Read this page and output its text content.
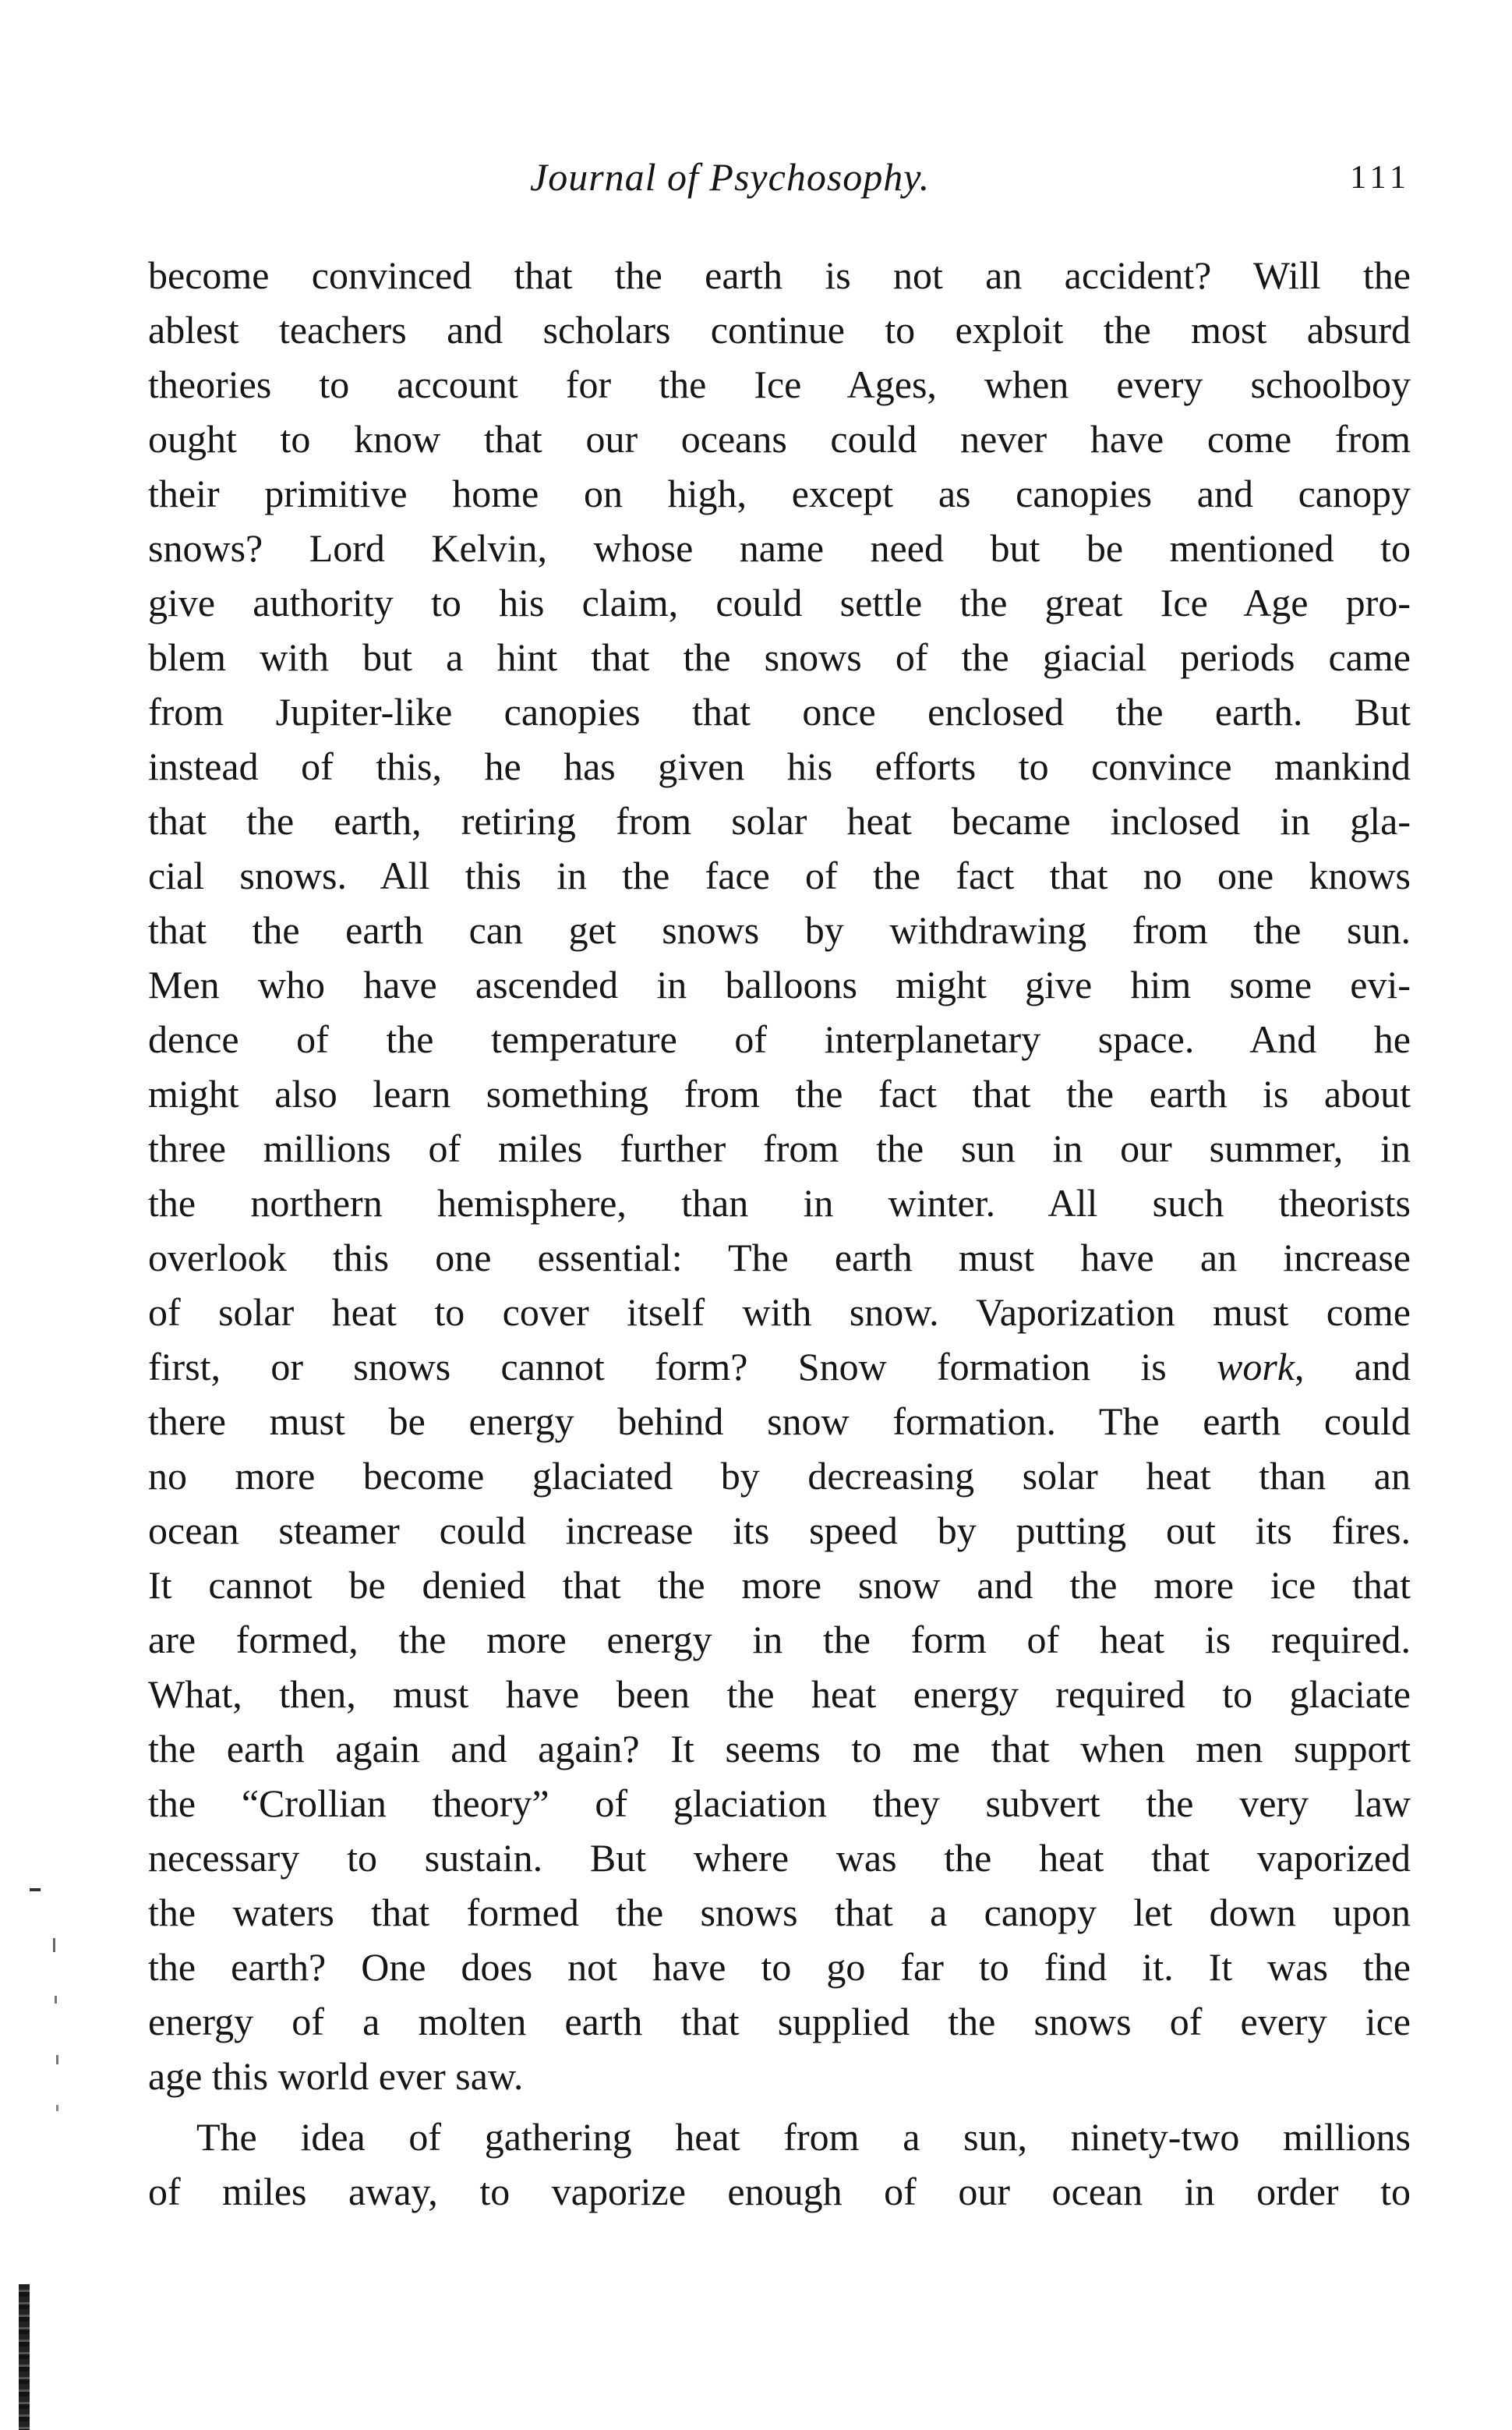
Journal of Psychosophy.	111
become convinced that the earth is not an accident? Will the
ablest teachers and scholars continue to exploit the most absurd
theories to account for the Ice Ages, when every schoolboy
ought to know that our oceans could never have come from
their primitive home on high, except as canopies and canopy
snows? Lord Kelvin, whose name need but be mentioned to
give authority to his claim, could settle the great Ice Age pro-
blem with but a hint that the snows of the giacial periods came
from Jupiter-like canopies that once enclosed the earth. But
instead of this, he has given his efforts to convince mankind
that the earth, retiring from solar heat became inclosed in gla-
cial snows. All this in the face of the fact that no one knows
that the earth can get snows by withdrawing from the sun.
Men who have ascended in balloons might give him some evi-
dence of the temperature of interplanetary space. And he
might also learn something from the fact that the earth is about
three millions of miles further from the sun in our summer, in
the northern hemisphere, than in winter. All such theorists
overlook this one essential: The earth must have an increase
of solar heat to cover itself with snow. Vaporization must come
first, or snows cannot form? Snow formation is work, and
there must be energy behind snow formation. The earth could
no more become glaciated by decreasing solar heat than an
ocean steamer could increase its speed by putting out its fires.
It cannot be denied that the more snow and the more ice that
are formed, the more energy in the form of heat is required.
What, then, must have been the heat energy required to glaciate
the earth again and again? It seems to me that when men support
the “Crollian theory” of glaciation they subvert the very law
necessary to sustain. But where was the heat that vaporized
the waters that formed the snows that a canopy let down upon
the earth? One does not have to go far to find it. It was the
energy of a molten earth that supplied the snows of every ice
age this world ever saw.
The idea of gathering heat from a sun, ninety-two millions
of miles away, to vaporize enough of our ocean in order to
